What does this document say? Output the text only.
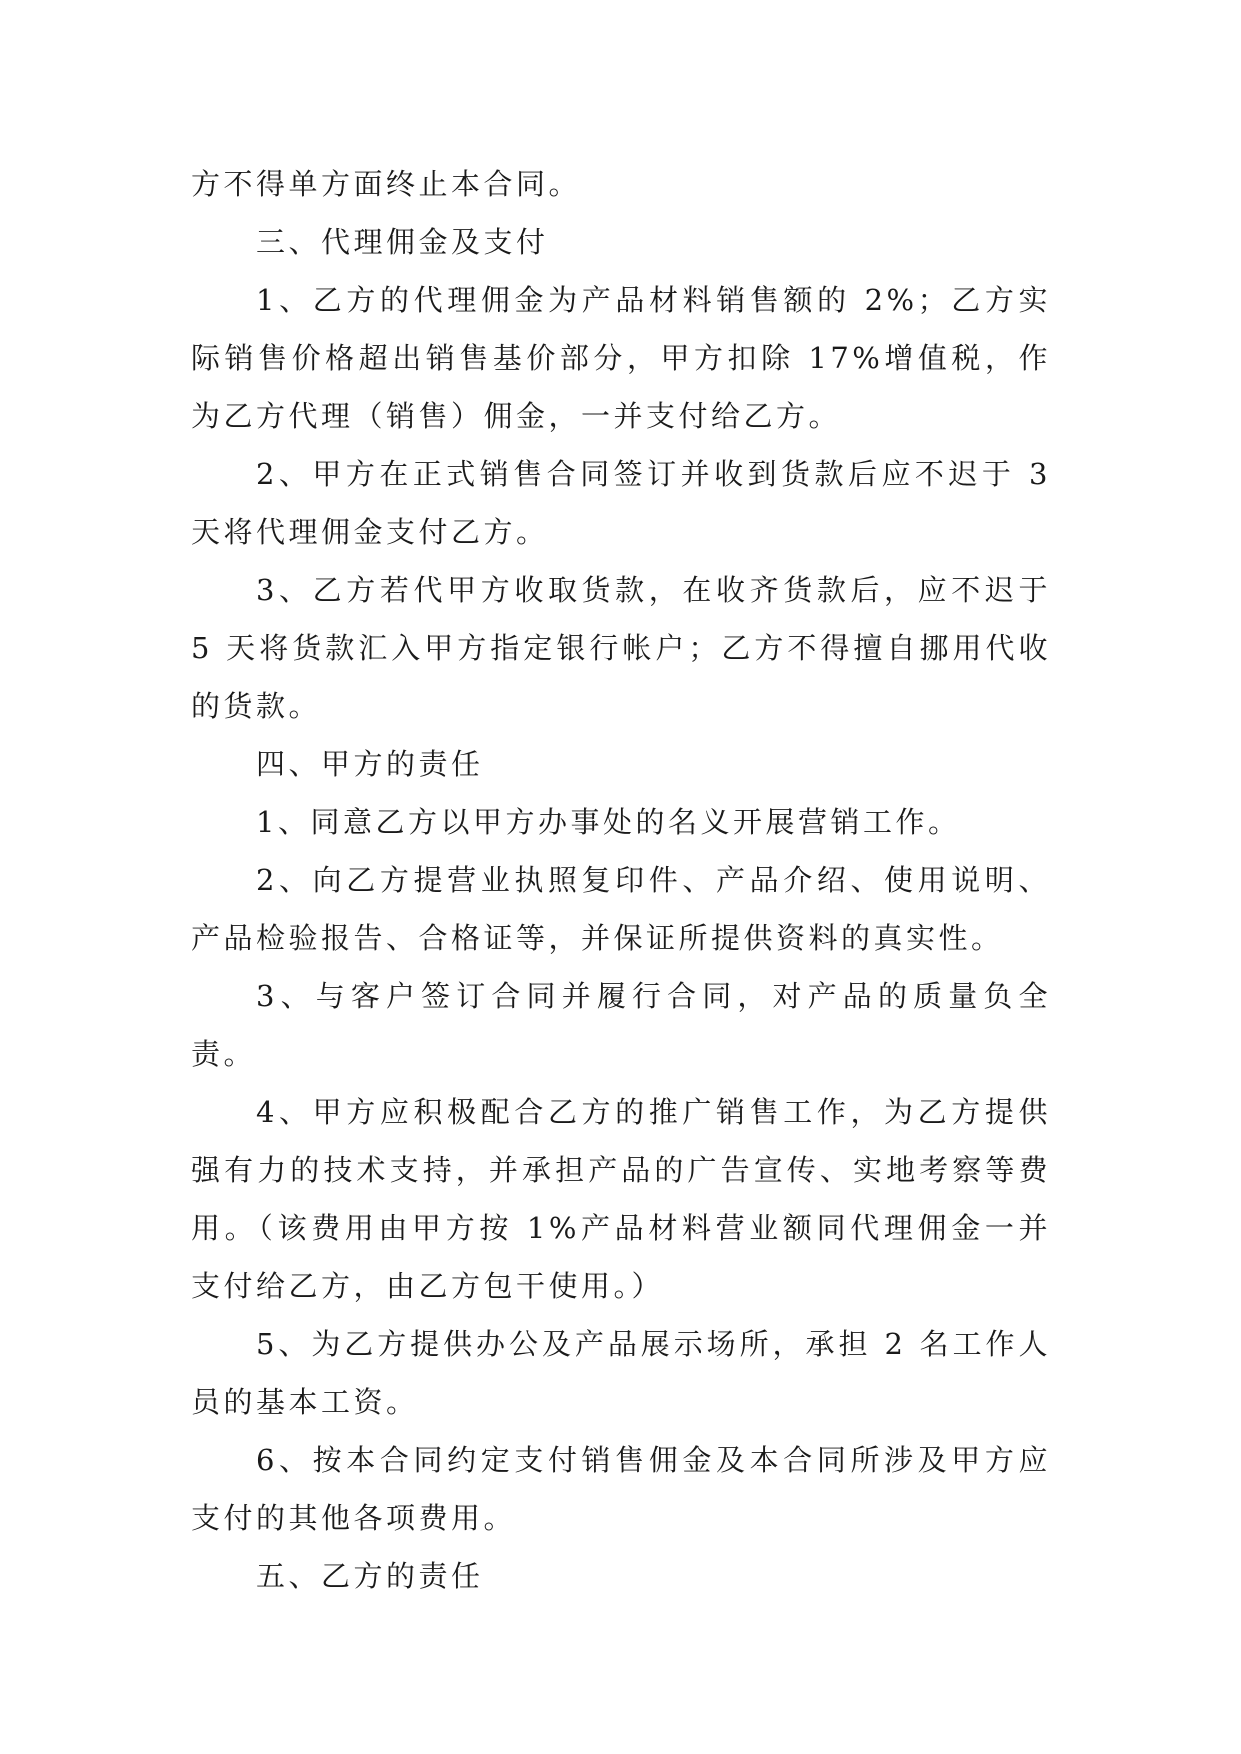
方不得单方面终止本合同。

三、代理佣金及支付

1、乙方的代理佣金为产品材料销售额的 2%；乙方实际销售价格超出销售基价部分，甲方扣除 17%增值税，作为乙方代理（销售）佣金，一并支付给乙方。

2、甲方在正式销售合同签订并收到货款后应不迟于 3 天将代理佣金支付乙方。

3、乙方若代甲方收取货款，在收齐货款后，应不迟于 5 天将货款汇入甲方指定银行帐户；乙方不得擅自挪用代收的货款。

四、甲方的责任

1、同意乙方以甲方办事处的名义开展营销工作。

2、向乙方提营业执照复印件、产品介绍、使用说明、产品检验报告、合格证等，并保证所提供资料的真实性。

3、与客户签订合同并履行合同，对产品的质量负全责。

4、甲方应积极配合乙方的推广销售工作，为乙方提供强有力的技术支持，并承担产品的广告宣传、实地考察等费用。（该费用由甲方按 1%产品材料营业额同代理佣金一并支付给乙方，由乙方包干使用。）

5、为乙方提供办公及产品展示场所，承担 2 名工作人员的基本工资。

6、按本合同约定支付销售佣金及本合同所涉及甲方应支付的其他各项费用。

五、乙方的责任
